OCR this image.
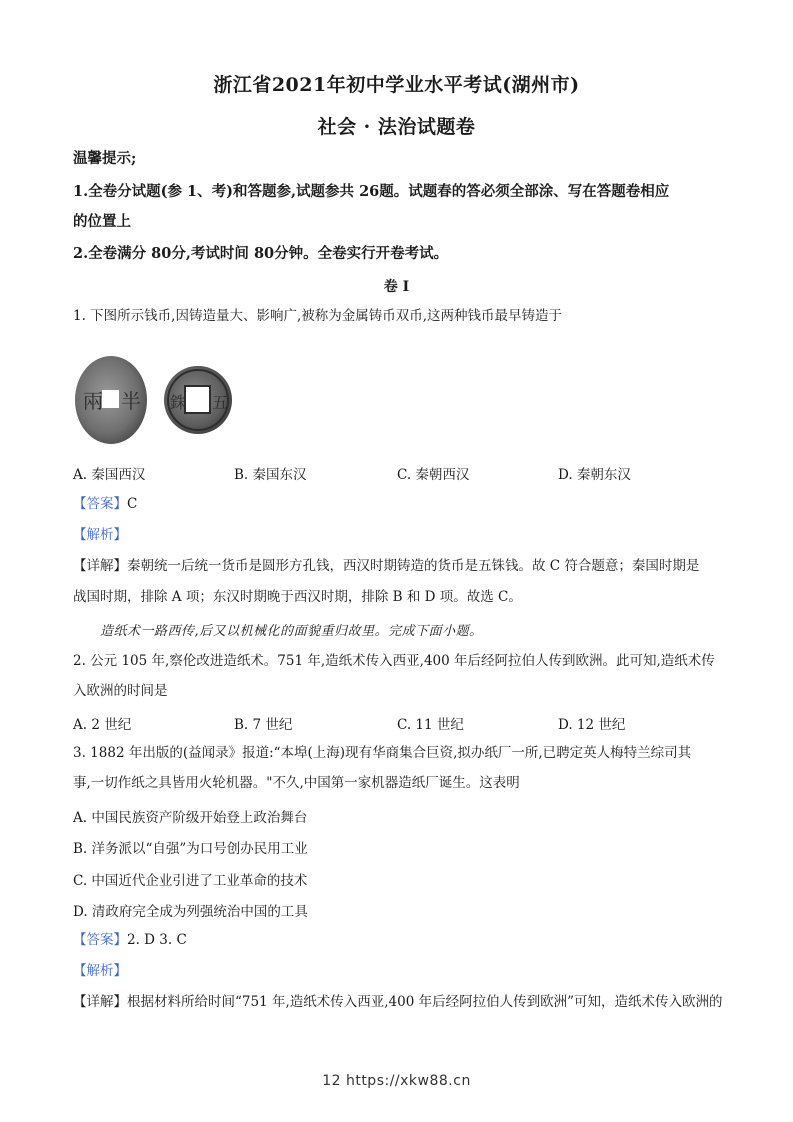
浙江省2021年初中学业水平考试(湖州市)
社会 · 法治试题卷
温馨提示;
1.全卷分试题(参 1、考)和答题参,试题参共 26题。试题春的答必须全部涂、写在答题卷相应
的位置上
2.全卷满分 80分,考试时间 80分钟。全卷实行开卷考试。
卷 I
1. 下图所示钱币,因铸造量大、影响广,被称为金属铸币双币,这两种钱币最早铸造于
兩 半 銖 五
A. 秦国西汉	B. 秦国东汉	C. 秦朝西汉	D. 秦朝东汉
【答案】C
【解析】
【详解】秦朝统一后统一货币是圆形方孔钱，西汉时期铸造的货币是五铢钱。故 C 符合题意；秦国时期是
战国时期，排除 A 项；东汉时期晚于西汉时期，排除 B 和 D 项。故选 C。
造纸术一路西传,后又以机械化的面貌重归故里。完成下面小题。
2. 公元 105 年,察伦改进造纸术。751 年,造纸术传入西亚,400 年后经阿拉伯人传到欧洲。此可知,造纸术传
入欧洲的时间是
A. 2 世纪	B. 7 世纪	C. 11 世纪	D. 12 世纪
3. 1882 年出版的(益闻录》报道:“本埠(上海)现有华商集合巨资,拟办纸厂一所,已聘定英人梅特兰综司其
事,一切作纸之具皆用火轮机器。"不久,中国第一家机器造纸厂诞生。这表明
A. 中国民族资产阶级开始登上政治舞台
B. 洋务派以“自强”为口号创办民用工业
C. 中国近代企业引进了工业革命的技术
D. 清政府完全成为列强统治中国的工具
【答案】2. D 3. C
【解析】
【详解】根据材料所给时间“751 年,造纸术传入西亚,400 年后经阿拉伯人传到欧洲”可知，造纸术传入欧洲的
12 https://xkw88.cn
